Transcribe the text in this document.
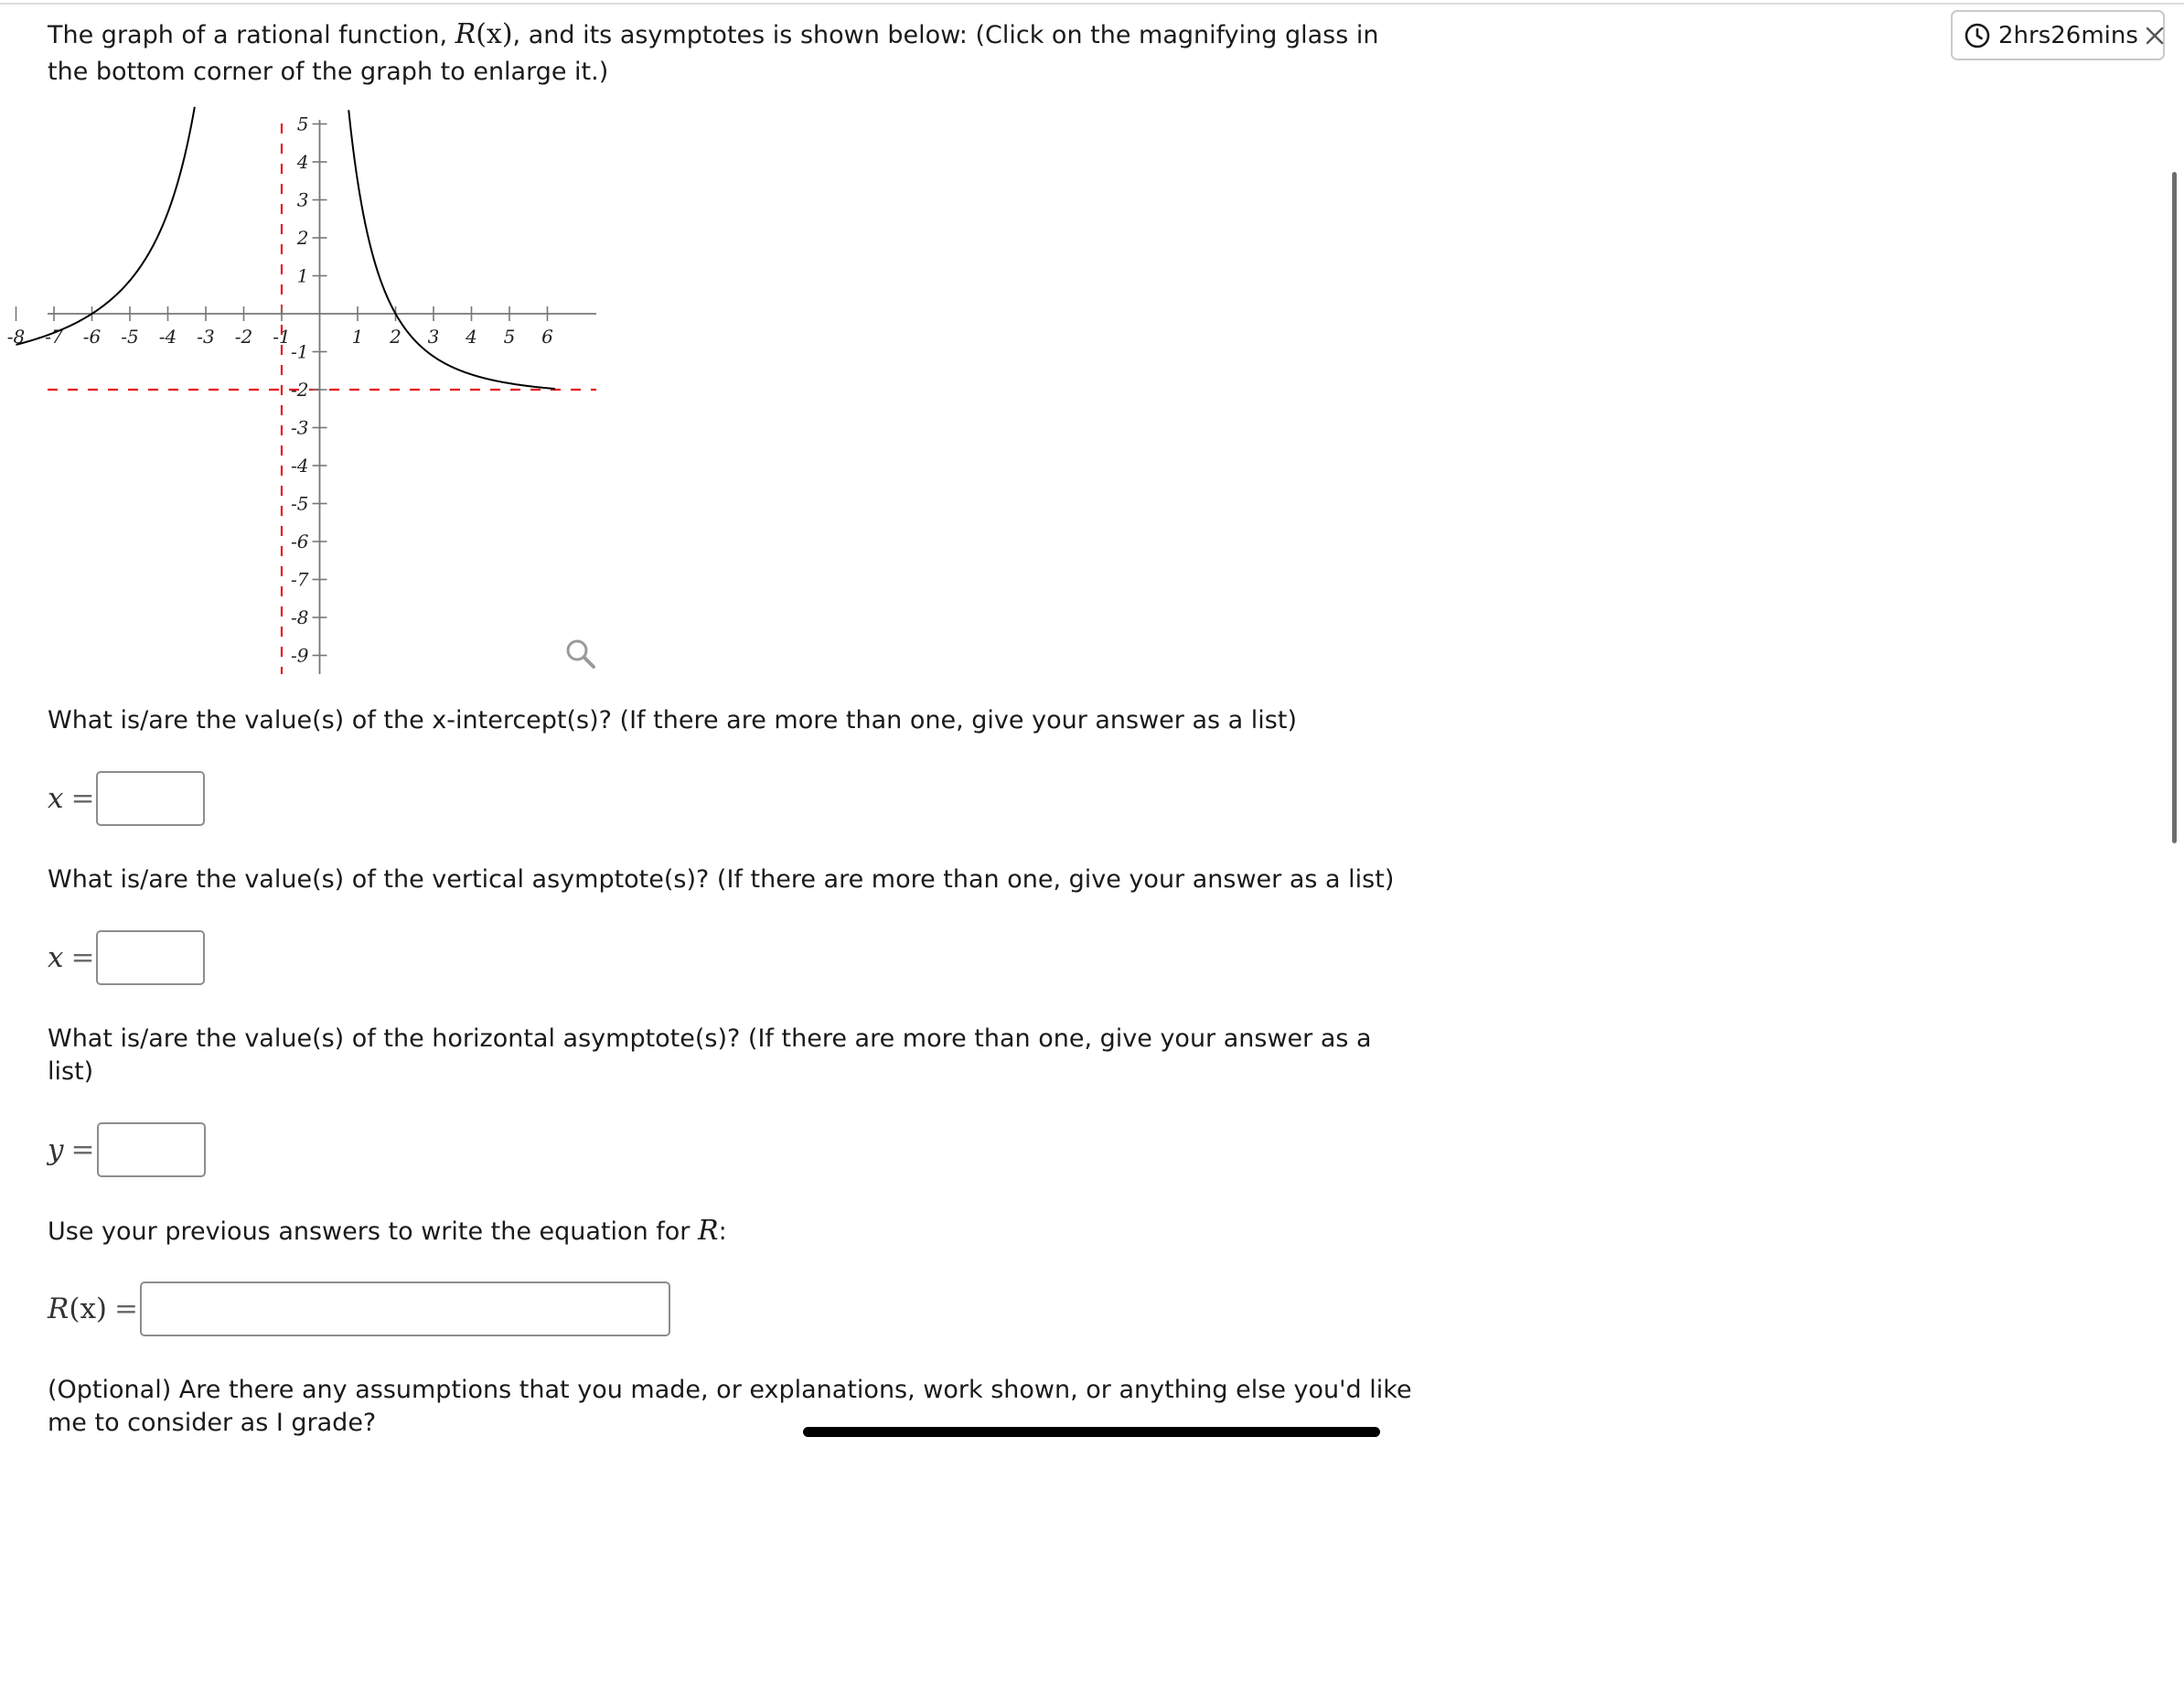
The graph of a rational function, R(x), and its asymptotes is shown below: (Click on the magnifying glass in
the bottom corner of the graph to enlarge it.)
2hrs26mins
-8 -7 -6 -5 -4 -3 -2 -1	1 2 3 4 5 6
5
4
3
2
1
-1
-2
-3
-4
-5
-6
-7
-8
-9
What is/are the value(s) of the x-intercept(s)? (If there are more than one, give your answer as a list)
x =
What is/are the value(s) of the vertical asymptote(s)? (If there are more than one, give your answer as a list)
x =
What is/are the value(s) of the horizontal asymptote(s)? (If there are more than one, give your answer as a
list)
y =
Use your previous answers to write the equation for R:
R(x) =
(Optional) Are there any assumptions that you made, or explanations, work shown, or anything else you'd like
me to consider as I grade?
